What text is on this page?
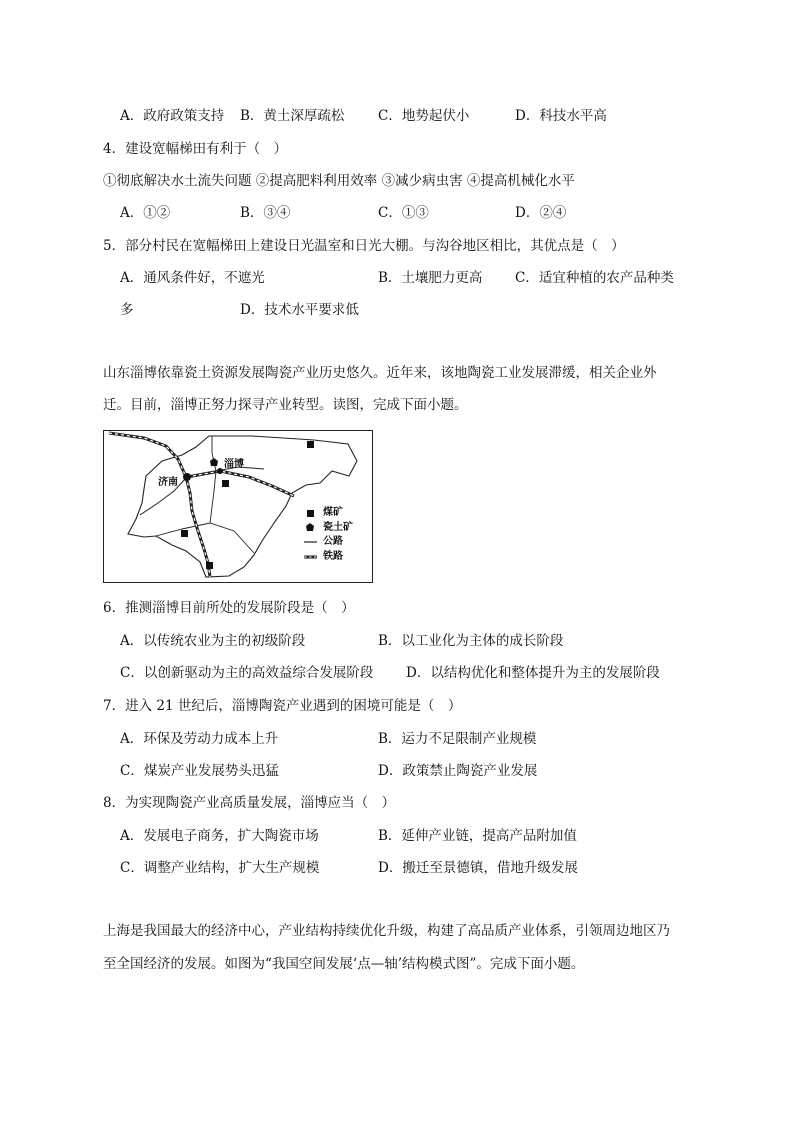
A．政府政策支持 B．黄土深厚疏松 C．地势起伏小	D．科技水平高
4．建设宽幅梯田有利于（　）
①彻底解决水土流失问题 ②提高肥料利用效率 ③减少病虫害 ④提高机械化水平
A．①②	B．③④	C．①③	D．②④
5．部分村民在宽幅梯田上建设日光温室和日光大棚。与沟谷地区相比，其优点是（　）
A．通风条件好，不遮光	B．土壤肥力更高 C．适宜种植的农产品种类
多	D．技术水平要求低
山东淄博依靠瓷土资源发展陶瓷产业历史悠久。近年来，该地陶瓷工业发展滞缓，相关企业外
迁。目前，淄博正努力探寻产业转型。读图，完成下面小题。
淄博
济南
煤矿
瓷土矿
公路
铁路
6．推测淄博目前所处的发展阶段是（　）
A．以传统农业为主的初级阶段	B．以工业化为主体的成长阶段
C．以创新驱动为主的高效益综合发展阶段 D．以结构优化和整体提升为主的发展阶段
7．进入 21 世纪后，淄博陶瓷产业遇到的困境可能是（　）
A．环保及劳动力成本上升	B．运力不足限制产业规模
C．煤炭产业发展势头迅猛	D．政策禁止陶瓷产业发展
8．为实现陶瓷产业高质量发展，淄博应当（　）
A．发展电子商务，扩大陶瓷市场	B．延伸产业链，提高产品附加值
C．调整产业结构，扩大生产规模	D．搬迁至景德镇，借地升级发展
上海是我国最大的经济中心，产业结构持续优化升级，构建了高品质产业体系，引领周边地区乃
至全国经济的发展。如图为“我国空间发展‘点—轴’结构模式图”。完成下面小题。
